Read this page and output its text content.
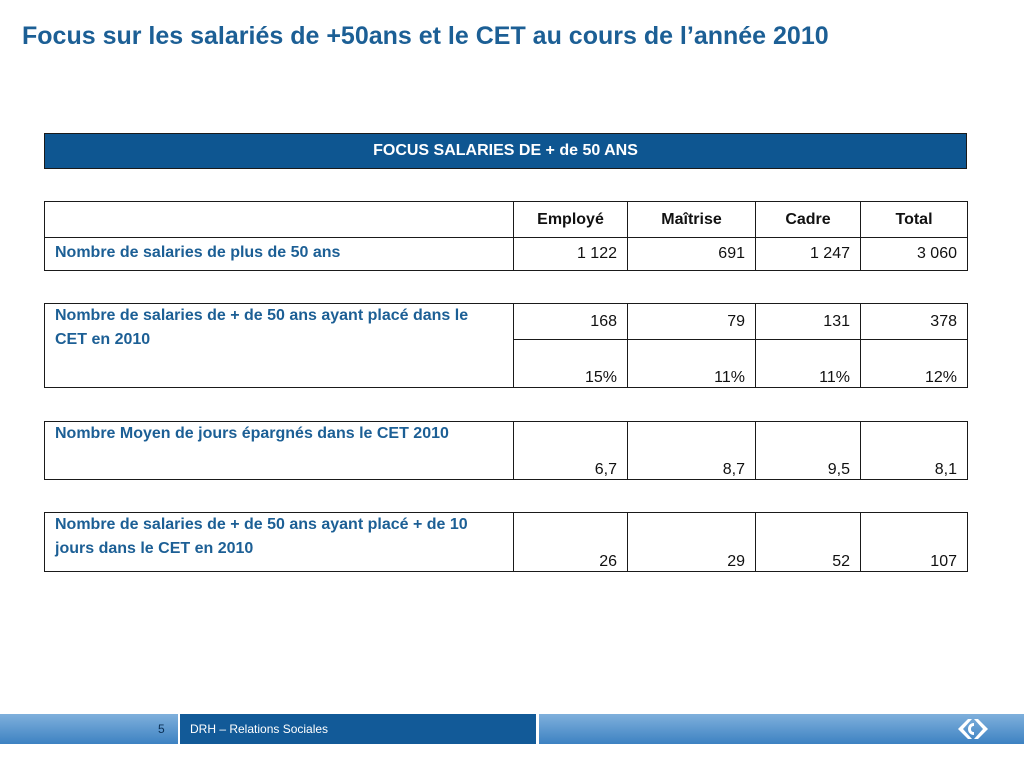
Focus sur les salariés de +50ans et le CET au cours de l’année 2010
FOCUS SALARIES DE + de 50 ANS
	Employé	Maîtrise	Cadre	Total
Nombre de salaries de plus de 50 ans	1 122	691	1 247	3 060
Nombre de salaries de + de 50 ans ayant placé dans le CET en 2010	168	79	131	378
	15%	11%	11%	12%
Nombre Moyen de jours épargnés dans le CET 2010	6,7	8,7	9,5	8,1
Nombre de salaries de + de 50 ans ayant placé + de 10 jours dans le CET en 2010	26	29	52	107
5 DRH – Relations Sociales
